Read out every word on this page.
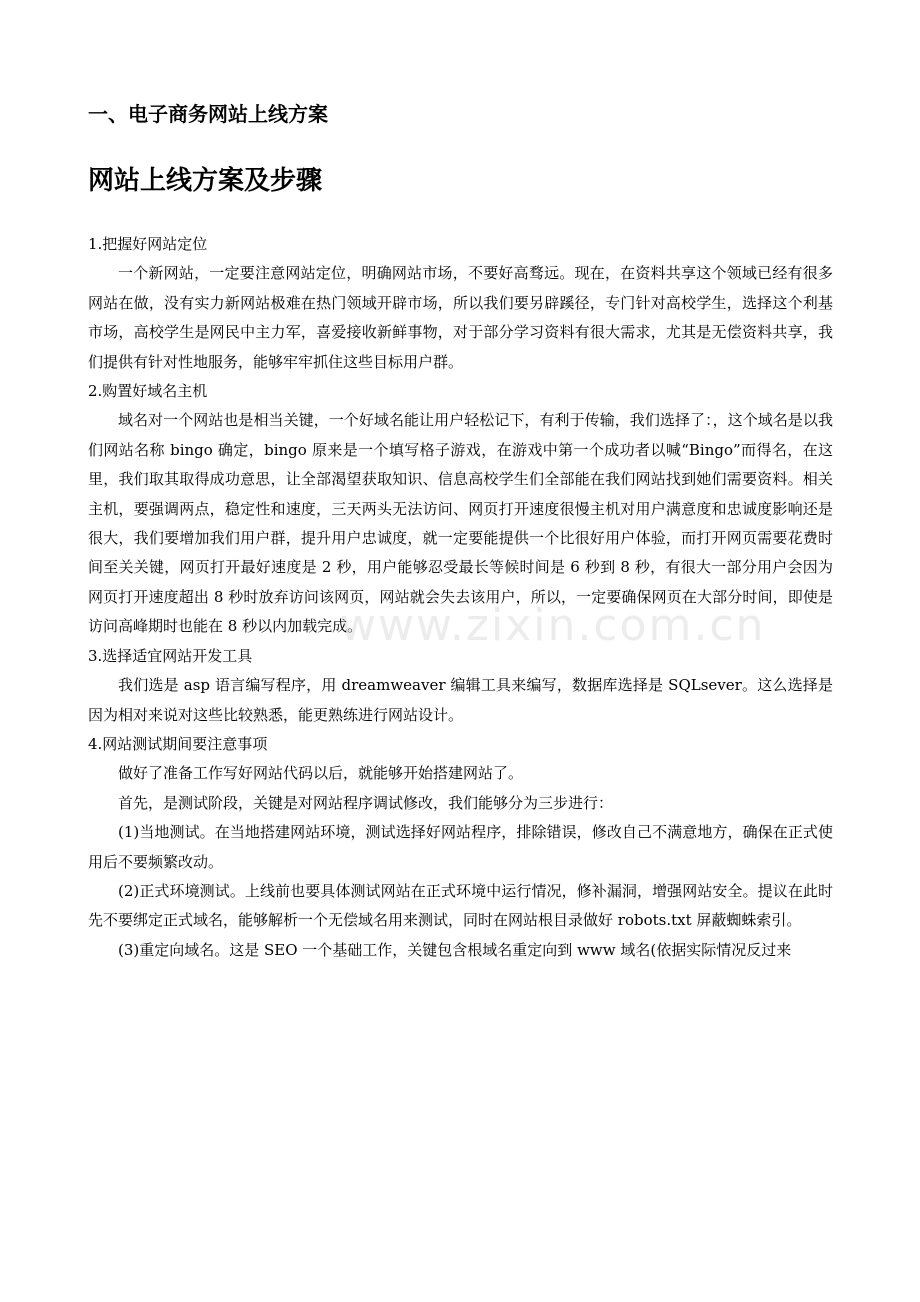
一、电子商务网站上线方案
网站上线方案及步骤

1.把握好网站定位

一个新网站，一定要注意网站定位，明确网站市场，不要好高骛远。现在，在资料共享这个领域已经有很多网站在做，没有实力新网站极难在热门领域开辟市场，所以我们要另辟蹊径，专门针对高校学生，选择这个利基市场，高校学生是网民中主力军，喜爱接收新鲜事物，对于部分学习资料有很大需求，尤其是无偿资料共享，我们提供有针对性地服务，能够牢牢抓住这些目标用户群。

2.购置好域名主机

域名对一个网站也是相当关键，一个好域名能让用户轻松记下，有利于传输，我们选择了：，这个域名是以我们网站名称 bingo 确定，bingo 原来是一个填写格子游戏，在游戏中第一个成功者以喊“Bingo”而得名，在这里，我们取其取得成功意思，让全部渴望获取知识、信息高校学生们全部能在我们网站找到她们需要资料。相关主机，要强调两点，稳定性和速度，三天两头无法访问、网页打开速度很慢主机对用户满意度和忠诚度影响还是很大，我们要增加我们用户群，提升用户忠诚度，就一定要能提供一个比很好用户体验，而打开网页需要花费时间至关关键，网页打开最好速度是 2 秒，用户能够忍受最长等候时间是 6 秒到 8 秒，有很大一部分用户会因为网页打开速度超出 8 秒时放弃访问该网页，网站就会失去该用户，所以，一定要确保网页在大部分时间，即使是访问高峰期时也能在 8 秒以内加载完成。

3.选择适宜网站开发工具

我们选是 asp 语言编写程序，用 dreamweaver 编辑工具来编写，数据库选择是 SQLsever。这么选择是因为相对来说对这些比较熟悉，能更熟练进行网站设计。

4.网站测试期间要注意事项

做好了准备工作写好网站代码以后，就能够开始搭建网站了。

首先，是测试阶段，关键是对网站程序调试修改，我们能够分为三步进行：

(1)当地测试。在当地搭建网站环境，测试选择好网站程序，排除错误，修改自己不满意地方，确保在正式使用后不要频繁改动。

(2)正式环境测试。上线前也要具体测试网站在正式环境中运行情况，修补漏洞，增强网站安全。提议在此时先不要绑定正式域名，能够解析一个无偿域名用来测试，同时在网站根目录做好 robots.txt 屏蔽蜘蛛索引。

(3)重定向域名。这是 SEO 一个基础工作，关键包含根域名重定向到 www 域名(依据实际情况反过来

www.zixin.com.cn
